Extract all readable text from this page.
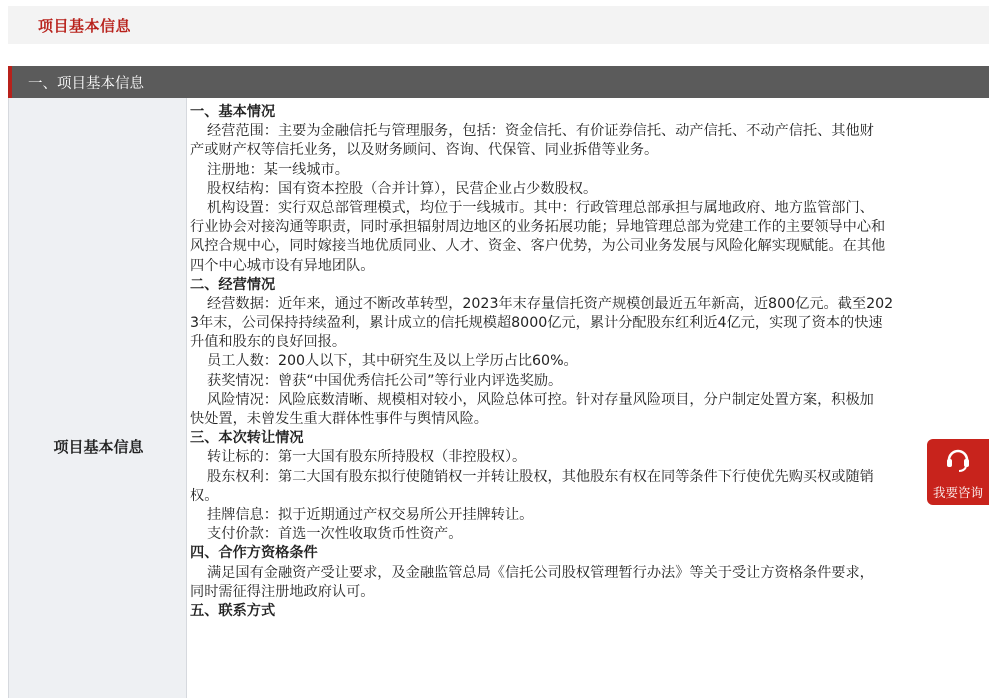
项目基本信息
一、项目基本信息
项目基本信息
一、基本情况
经营范围：主要为金融信托与管理服务，包括：资金信托、有价证券信托、动产信托、不动产信托、其他财
产或财产权等信托业务，以及财务顾问、咨询、代保管、同业拆借等业务。
注册地：某一线城市。
股权结构：国有资本控股（合并计算），民营企业占少数股权。
机构设置：实行双总部管理模式，均位于一线城市。其中：行政管理总部承担与属地政府、地方监管部门、
行业协会对接沟通等职责，同时承担辐射周边地区的业务拓展功能；异地管理总部为党建工作的主要领导中心和
风控合规中心，同时嫁接当地优质同业、人才、资金、客户优势，为公司业务发展与风险化解实现赋能。在其他
四个中心城市设有异地团队。
二、经营情况
经营数据：近年来，通过不断改革转型，2023年末存量信托资产规模创最近五年新高，近800亿元。截至202
3年末，公司保持持续盈利，累计成立的信托规模超8000亿元，累计分配股东红利近4亿元，实现了资本的快速
升值和股东的良好回报。
员工人数：200人以下，其中研究生及以上学历占比60%。
获奖情况：曾获“中国优秀信托公司”等行业内评选奖励。
风险情况：风险底数清晰、规模相对较小，风险总体可控。针对存量风险项目，分户制定处置方案，积极加
快处置，未曾发生重大群体性事件与舆情风险。
三、本次转让情况
转让标的：第一大国有股东所持股权（非控股权）。
股东权利：第二大国有股东拟行使随销权一并转让股权，其他股东有权在同等条件下行使优先购买权或随销
权。
挂牌信息：拟于近期通过产权交易所公开挂牌转让。
支付价款：首选一次性收取货币性资产。
四、合作方资格条件
满足国有金融资产受让要求，及金融监管总局《信托公司股权管理暂行办法》等关于受让方资格条件要求，
同时需征得注册地政府认可。
五、联系方式
我要咨询
